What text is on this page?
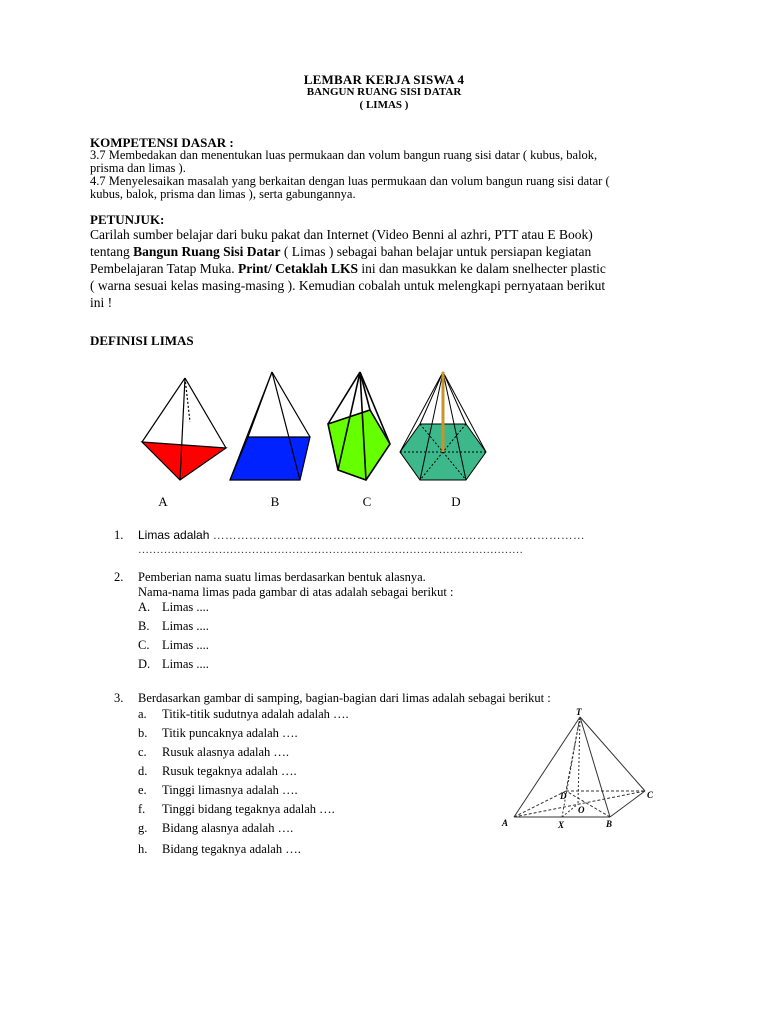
LEMBAR KERJA SISWA 4
BANGUN RUANG SISI DATAR
( LIMAS )
KOMPETENSI DASAR :
3.7 Membedakan dan menentukan luas permukaan dan volum bangun ruang sisi datar ( kubus, balok,
prisma dan limas ).
4.7 Menyelesaikan masalah yang berkaitan dengan luas permukaan dan volum bangun ruang sisi datar (
kubus, balok, prisma dan limas ), serta gabungannya.
PETUNJUK:
Carilah sumber belajar dari buku pakat dan Internet (Video Benni al azhri, PTT atau E Book)
tentang Bangun Ruang Sisi Datar ( Limas ) sebagai bahan belajar untuk persiapan kegiatan
Pembelajaran Tatap Muka. Print/ Cetaklah LKS ini dan masukkan ke dalam snelhecter plastic
( warna sesuai kelas masing-masing ). Kemudian cobalah untuk melengkapi pernyataan berikut
ini !
DEFINISI LIMAS
A	B	C	D
1. Limas adalah …………………………………………………………………………………
……………………………………………………………………………………………
2. Pemberian nama suatu limas berdasarkan bentuk alasnya.
Nama-nama limas pada gambar di atas adalah sebagai berikut :
A. Limas ....
B. Limas ....
C. Limas ....
D. Limas ....
3. Berdasarkan gambar di samping, bagian-bagian dari limas adalah sebagai berikut :
a. Titik-titik sudutnya adalah adalah ….
b. Titik puncaknya adalah ….
c. Rusuk alasnya adalah ….
d. Rusuk tegaknya adalah ….
e. Tinggi limasnya adalah ….
f. Tinggi bidang tegaknya adalah ….
g. Bidang alasnya adalah ….
h. Bidang tegaknya adalah ….
T
A	B
C
D
X
O
